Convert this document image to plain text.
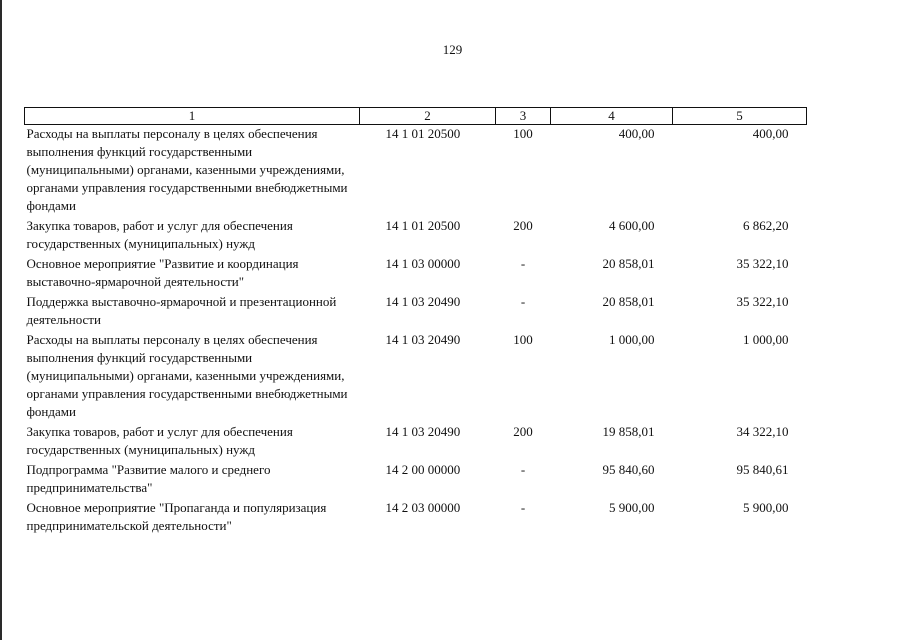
129
1	2	3	4	5
Расходы на выплаты персоналу в целях обеспечения выполнения функций государственными (муниципальными) органами, казенными учреждениями, органами управления государственными внебюджетными фондами	14 1 01 20500	100	400,00	400,00
Закупка товаров, работ и услуг для обеспечения государственных (муниципальных) нужд	14 1 01 20500	200	4 600,00	6 862,20
Основное мероприятие "Развитие и координация выставочно-ярмарочной деятельности"	14 1 03 00000	-	20 858,01	35 322,10
Поддержка выставочно-ярмарочной и презентационной деятельности	14 1 03 20490	-	20 858,01	35 322,10
Расходы на выплаты персоналу в целях обеспечения выполнения функций государственными (муниципальными) органами, казенными учреждениями, органами управления государственными внебюджетными фондами	14 1 03 20490	100	1 000,00	1 000,00
Закупка товаров, работ и услуг для обеспечения государственных (муниципальных) нужд	14 1 03 20490	200	19 858,01	34 322,10
Подпрограмма "Развитие малого и среднего предпринимательства"	14 2 00 00000	-	95 840,60	95 840,61
Основное мероприятие "Пропаганда и популяризация предпринимательской деятельности"	14 2 03 00000	-	5 900,00	5 900,00
